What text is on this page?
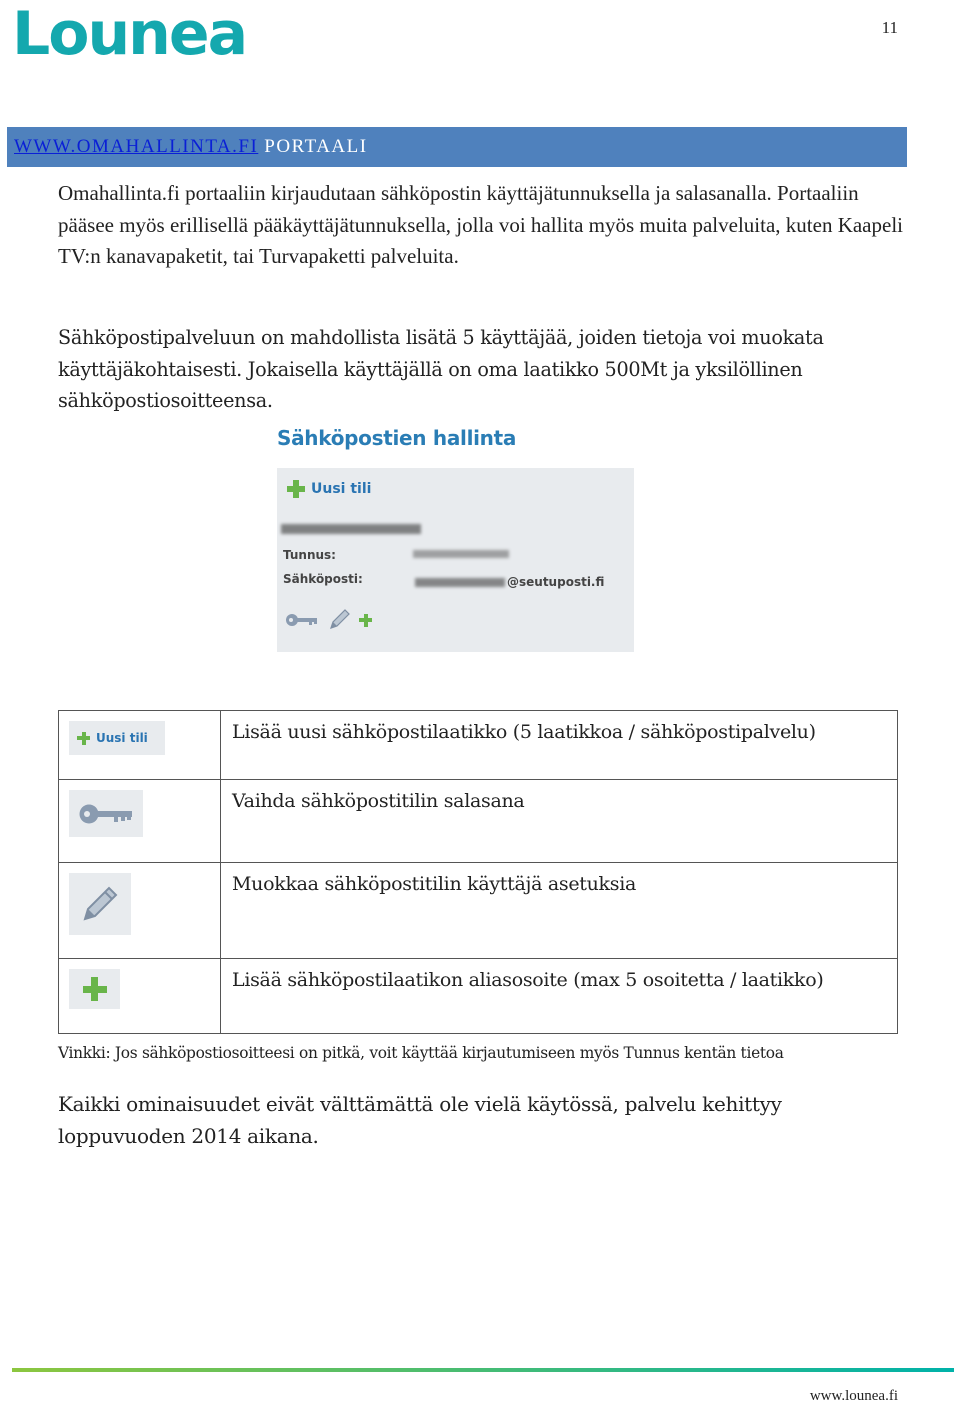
Lounea	11
WWW.OMAHALLINTA.FI PORTAALI

Omahallinta.fi portaaliin kirjaudutaan sähköpostin käyttäjätunnuksella ja salasanalla. Portaaliin pääsee myös erillisellä pääkäyttäjätunnuksella, jolla voi hallita myös muita palveluita, kuten Kaapeli TV:n kanavapaketit, tai Turvapaketti palveluita.

Sähköpostipalveluun on mahdollista lisätä 5 käyttäjää, joiden tietoja voi muokata käyttäjäkohtaisesti. Jokaisella käyttäjällä on oma laatikko 500Mt ja yksilöllinen sähköpostiosoitteensa.

Sähköpostien hallinta
Uusi tili
Tunnus:
Sähköposti:	@seutuposti.fi
Uusi tili	Lisää uusi sähköpostilaatikko (5 laatikkoa / sähköpostipalvelu)

	Vaihda sähköpostitilin salasana

	Muokkaa sähköpostitilin käyttäjä asetuksia

	Lisää sähköpostilaatikon aliasosoite (max 5 osoitetta / laatikko)
Vinkki: Jos sähköpostiosoitteesi on pitkä, voit käyttää kirjautumiseen myös Tunnus kentän tietoa

Kaikki ominaisuudet eivät välttämättä ole vielä käytössä, palvelu kehittyy loppuvuoden 2014 aikana.

www.lounea.fi
